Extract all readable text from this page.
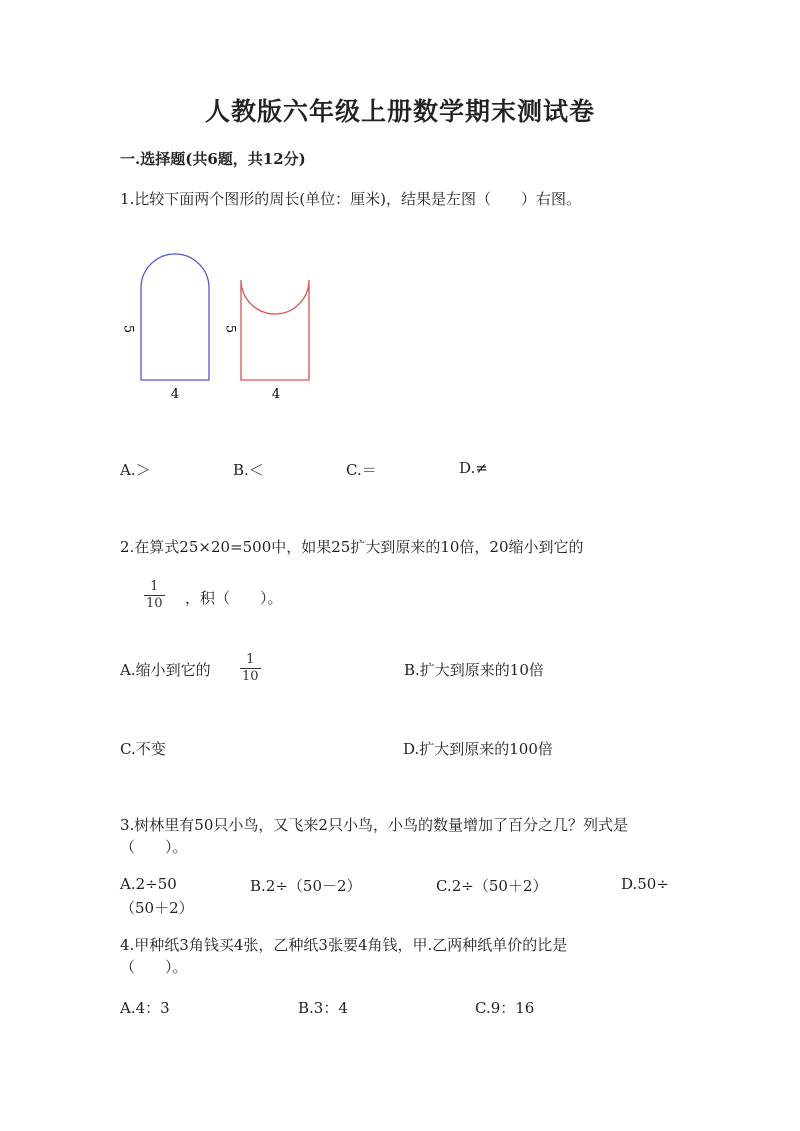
人教版六年级上册数学期末测试卷
一.选择题(共6题，共12分)
1.比较下面两个图形的周长(单位：厘米)，结果是左图（　　）右图。
5
4
5
4
A.＞	B.＜	C.＝	D.≠
2.在算式25×20=500中，如果25扩大到原来的10倍，20缩小到它的
1
10 ，积（　　）。
A.缩小到它的
1
10	B.扩大到原来的10倍
C.不变	D.扩大到原来的100倍
3.树林里有50只小鸟，又飞来2只小鸟，小鸟的数量增加了百分之几？列式是
（　　）。
A.2÷50	B.2÷（50－2）	C.2÷（50＋2）	D.50÷
（50＋2）
4.甲种纸3角钱买4张，乙种纸3张要4角钱，甲.乙两种纸单价的比是
（　　）。
A.4：3	B.3：4	C.9：16
